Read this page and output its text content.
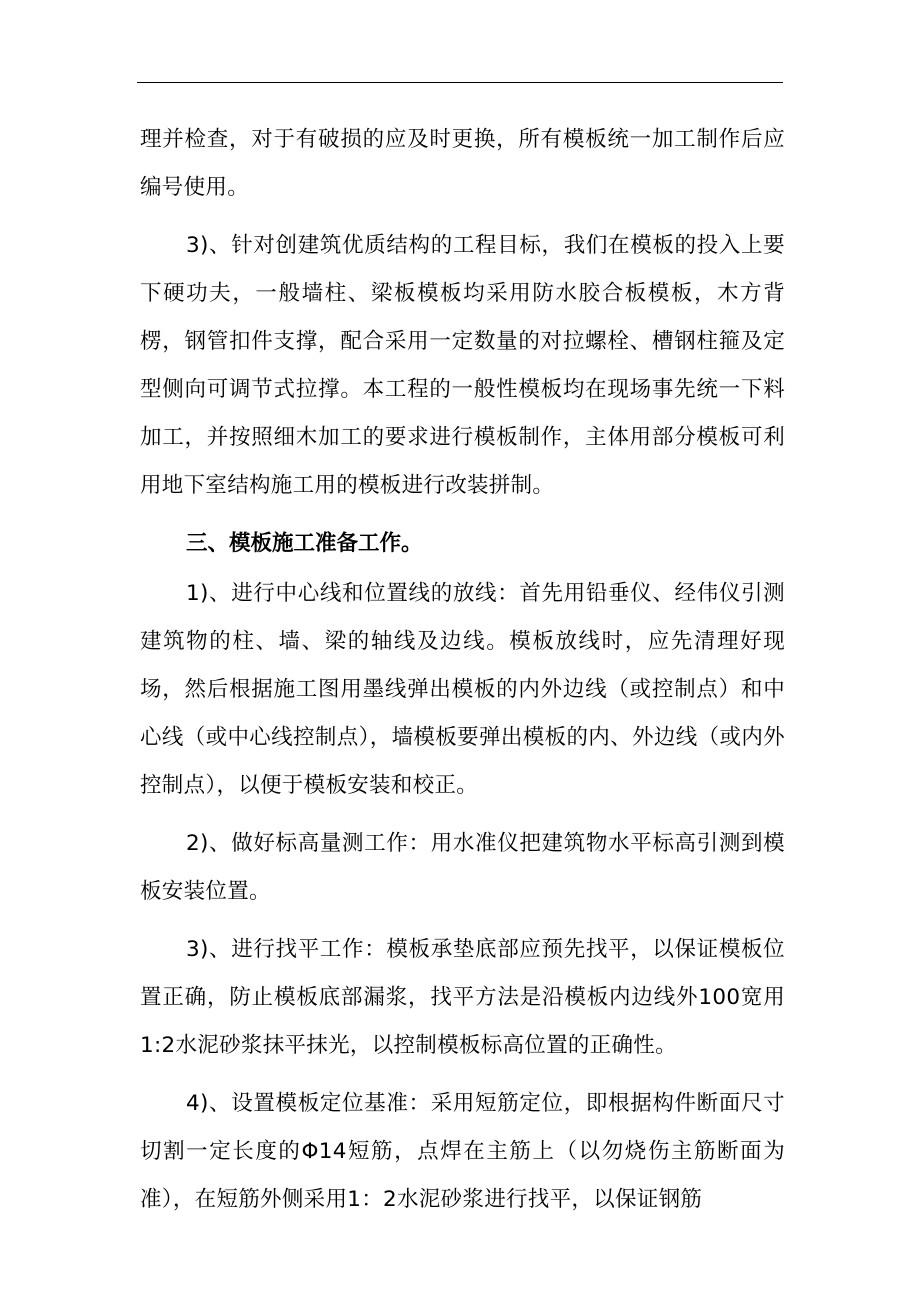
理并检查，对于有破损的应及时更换，所有模板统一加工制作后应编号使用。

3)、针对创建筑优质结构的工程目标，我们在模板的投入上要下硬功夫，一般墙柱、梁板模板均采用防水胶合板模板，木方背楞，钢管扣件支撑，配合采用一定数量的对拉螺栓、槽钢柱箍及定型侧向可调节式拉撑。本工程的一般性模板均在现场事先统一下料加工，并按照细木加工的要求进行模板制作，主体用部分模板可利用地下室结构施工用的模板进行改装拼制。

三、模板施工准备工作。

1)、进行中心线和位置线的放线：首先用铅垂仪、经伟仪引测建筑物的柱、墙、梁的轴线及边线。模板放线时，应先清理好现场，然后根据施工图用墨线弹出模板的内外边线（或控制点）和中心线（或中心线控制点），墙模板要弹出模板的内、外边线（或内外控制点），以便于模板安装和校正。

2)、做好标高量测工作：用水准仪把建筑物水平标高引测到模板安装位置。

3)、进行找平工作：模板承垫底部应预先找平，以保证模板位置正确，防止模板底部漏浆，找平方法是沿模板内边线外100宽用1:2水泥砂浆抹平抹光，以控制模板标高位置的正确性。

4)、设置模板定位基准：采用短筋定位，即根据构件断面尺寸切割一定长度的Φ14短筋，点焊在主筋上（以勿烧伤主筋断面为准），在短筋外侧采用1：2水泥砂浆进行找平，以保证钢筋
